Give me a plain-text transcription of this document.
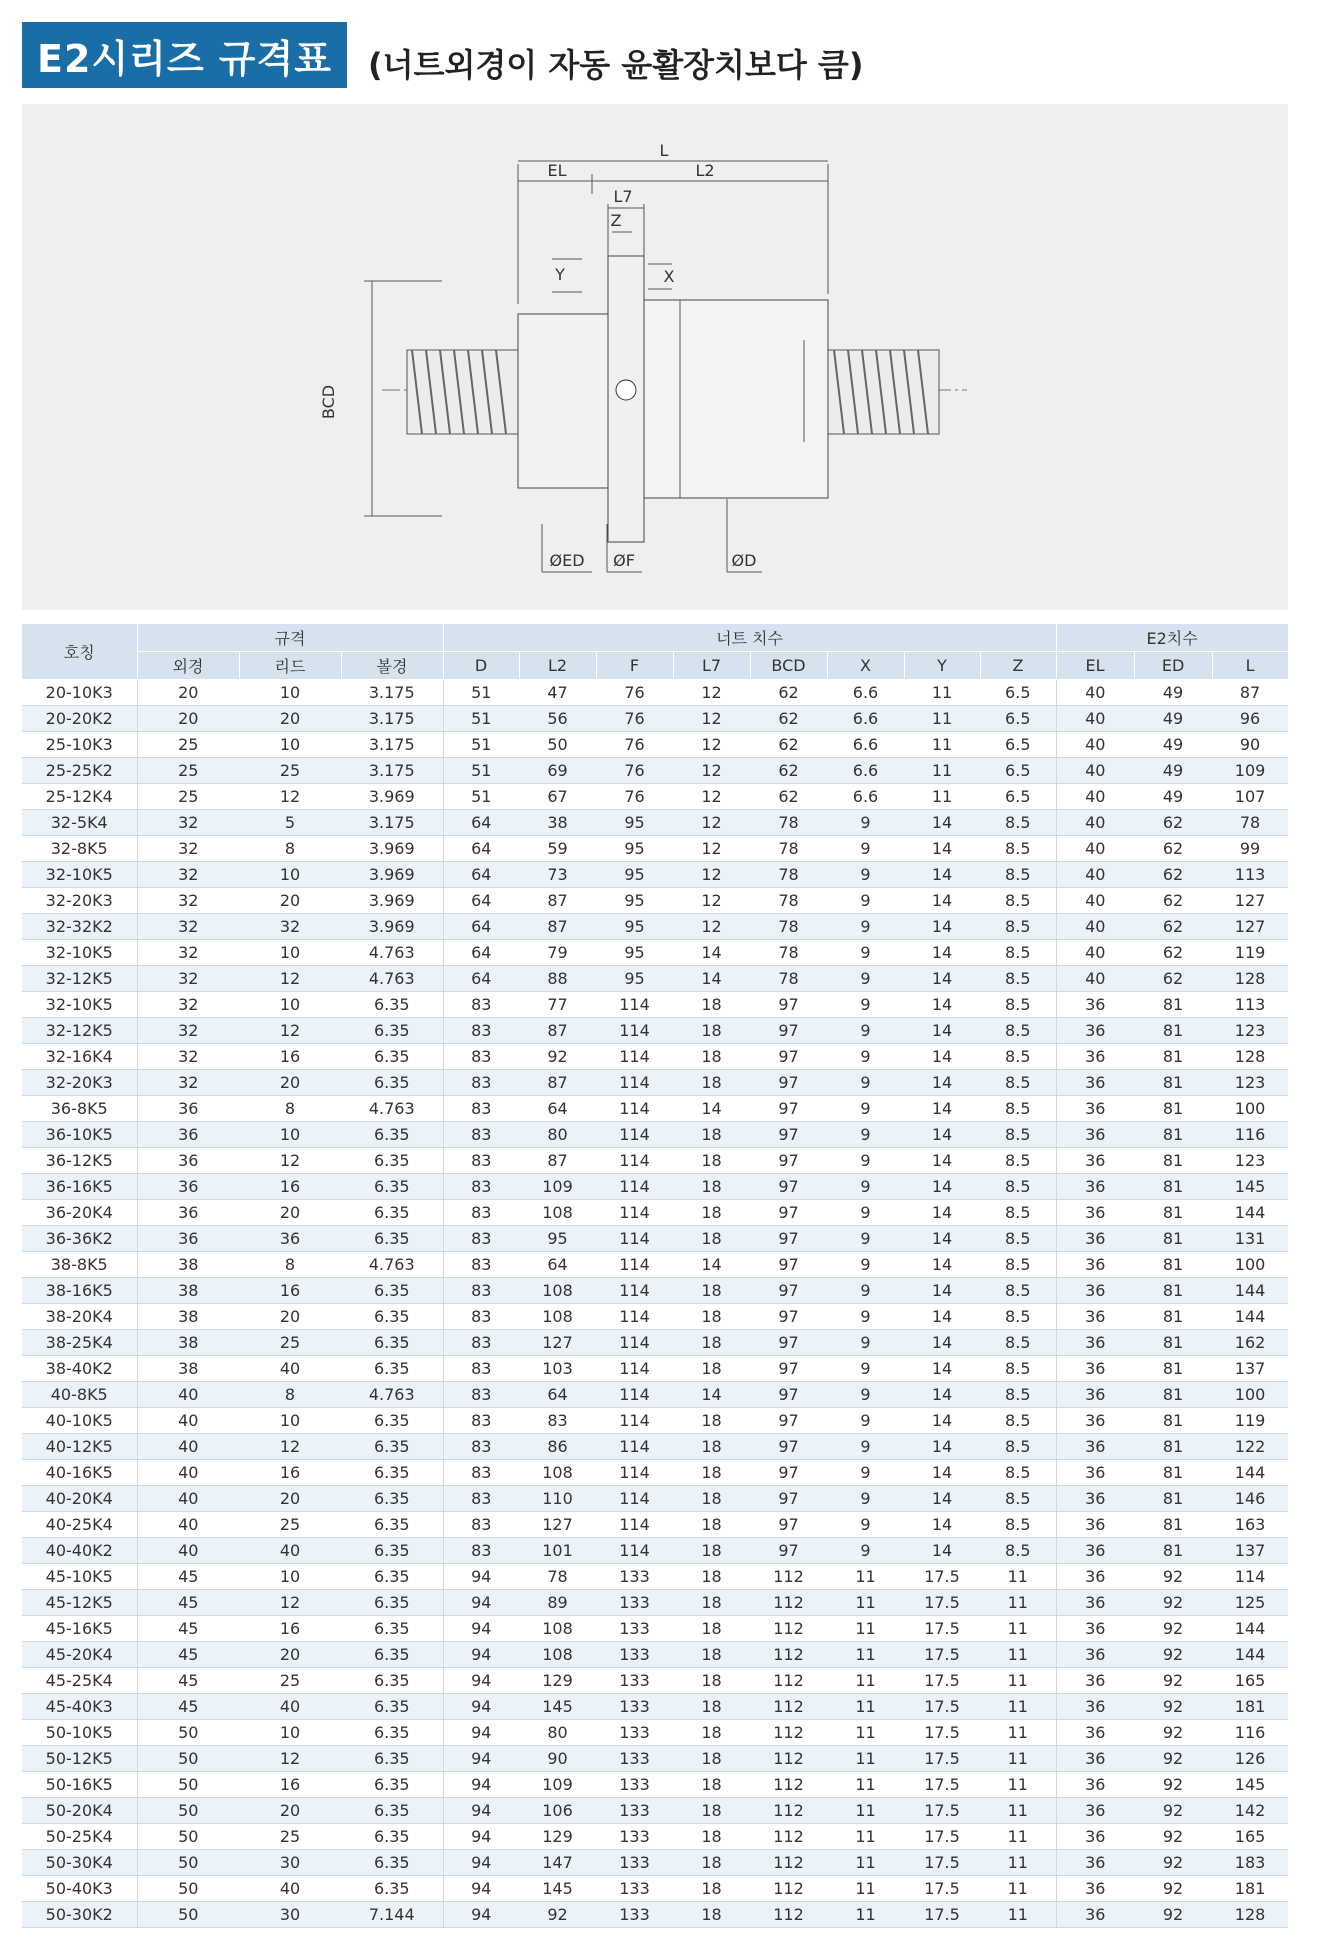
E2시리즈 규격표	(너트외경이 자동 윤활장치보다 큼)
L
EL	L2
L7
Z
Y	X
BCD
ØED ØF	ØD
호칭	규격			너트 치수								E2치수		
	외경	리드	볼경	D	L2	F	L7	BCD	X	Y	Z	EL	ED	L
20-10K3	20	10	3.175	51	47	76	12	62	6.6	11	6.5	40	49	87
20-20K2	20	20	3.175	51	56	76	12	62	6.6	11	6.5	40	49	96
25-10K3	25	10	3.175	51	50	76	12	62	6.6	11	6.5	40	49	90
25-25K2	25	25	3.175	51	69	76	12	62	6.6	11	6.5	40	49	109
25-12K4	25	12	3.969	51	67	76	12	62	6.6	11	6.5	40	49	107
32-5K4	32	5	3.175	64	38	95	12	78	9	14	8.5	40	62	78
32-8K5	32	8	3.969	64	59	95	12	78	9	14	8.5	40	62	99
32-10K5	32	10	3.969	64	73	95	12	78	9	14	8.5	40	62	113
32-20K3	32	20	3.969	64	87	95	12	78	9	14	8.5	40	62	127
32-32K2	32	32	3.969	64	87	95	12	78	9	14	8.5	40	62	127
32-10K5	32	10	4.763	64	79	95	14	78	9	14	8.5	40	62	119
32-12K5	32	12	4.763	64	88	95	14	78	9	14	8.5	40	62	128
32-10K5	32	10	6.35	83	77	114	18	97	9	14	8.5	36	81	113
32-12K5	32	12	6.35	83	87	114	18	97	9	14	8.5	36	81	123
32-16K4	32	16	6.35	83	92	114	18	97	9	14	8.5	36	81	128
32-20K3	32	20	6.35	83	87	114	18	97	9	14	8.5	36	81	123
36-8K5	36	8	4.763	83	64	114	14	97	9	14	8.5	36	81	100
36-10K5	36	10	6.35	83	80	114	18	97	9	14	8.5	36	81	116
36-12K5	36	12	6.35	83	87	114	18	97	9	14	8.5	36	81	123
36-16K5	36	16	6.35	83	109	114	18	97	9	14	8.5	36	81	145
36-20K4	36	20	6.35	83	108	114	18	97	9	14	8.5	36	81	144
36-36K2	36	36	6.35	83	95	114	18	97	9	14	8.5	36	81	131
38-8K5	38	8	4.763	83	64	114	14	97	9	14	8.5	36	81	100
38-16K5	38	16	6.35	83	108	114	18	97	9	14	8.5	36	81	144
38-20K4	38	20	6.35	83	108	114	18	97	9	14	8.5	36	81	144
38-25K4	38	25	6.35	83	127	114	18	97	9	14	8.5	36	81	162
38-40K2	38	40	6.35	83	103	114	18	97	9	14	8.5	36	81	137
40-8K5	40	8	4.763	83	64	114	14	97	9	14	8.5	36	81	100
40-10K5	40	10	6.35	83	83	114	18	97	9	14	8.5	36	81	119
40-12K5	40	12	6.35	83	86	114	18	97	9	14	8.5	36	81	122
40-16K5	40	16	6.35	83	108	114	18	97	9	14	8.5	36	81	144
40-20K4	40	20	6.35	83	110	114	18	97	9	14	8.5	36	81	146
40-25K4	40	25	6.35	83	127	114	18	97	9	14	8.5	36	81	163
40-40K2	40	40	6.35	83	101	114	18	97	9	14	8.5	36	81	137
45-10K5	45	10	6.35	94	78	133	18	112	11	17.5	11	36	92	114
45-12K5	45	12	6.35	94	89	133	18	112	11	17.5	11	36	92	125
45-16K5	45	16	6.35	94	108	133	18	112	11	17.5	11	36	92	144
45-20K4	45	20	6.35	94	108	133	18	112	11	17.5	11	36	92	144
45-25K4	45	25	6.35	94	129	133	18	112	11	17.5	11	36	92	165
45-40K3	45	40	6.35	94	145	133	18	112	11	17.5	11	36	92	181
50-10K5	50	10	6.35	94	80	133	18	112	11	17.5	11	36	92	116
50-12K5	50	12	6.35	94	90	133	18	112	11	17.5	11	36	92	126
50-16K5	50	16	6.35	94	109	133	18	112	11	17.5	11	36	92	145
50-20K4	50	20	6.35	94	106	133	18	112	11	17.5	11	36	92	142
50-25K4	50	25	6.35	94	129	133	18	112	11	17.5	11	36	92	165
50-30K4	50	30	6.35	94	147	133	18	112	11	17.5	11	36	92	183
50-40K3	50	40	6.35	94	145	133	18	112	11	17.5	11	36	92	181
50-30K2	50	30	7.144	94	92	133	18	112	11	17.5	11	36	92	128
